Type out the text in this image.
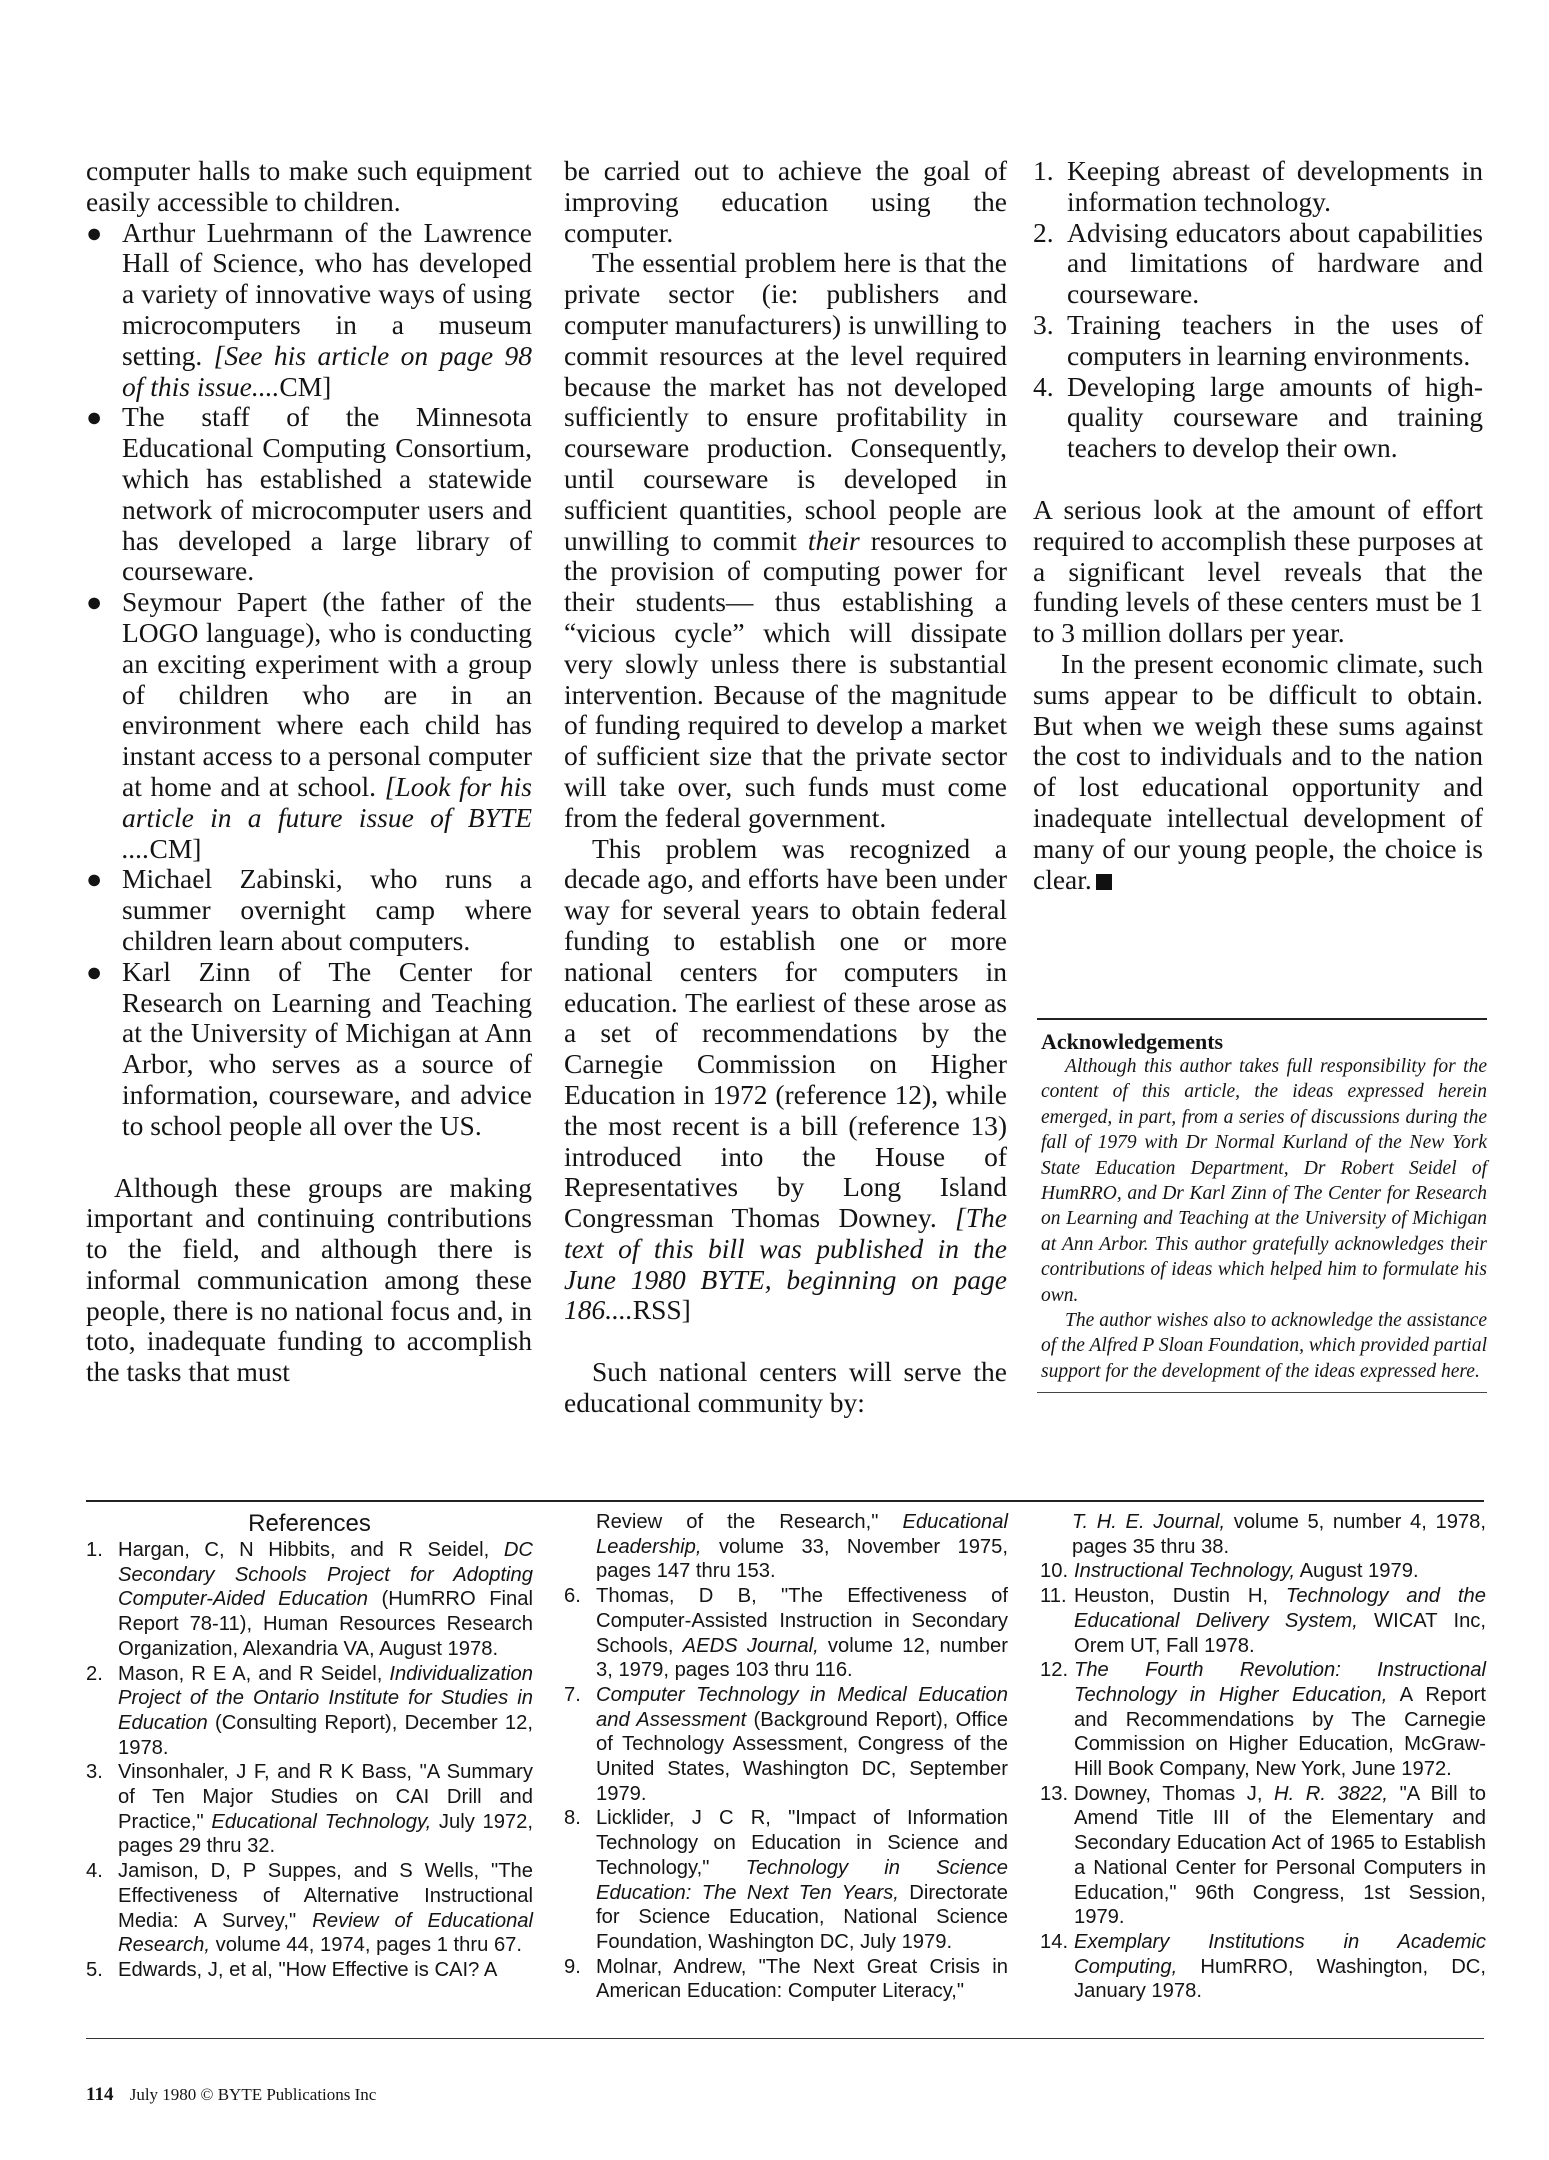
computer halls to make such equipment easily accessible to children.

● Arthur Luehrmann of the Lawrence Hall of Science, who has developed a variety of innovative ways of using microcomputers in a museum setting. [See his article on page 98 of this issue....CM]
● The staff of the Minnesota Educational Computing Consortium, which has established a statewide network of microcomputer users and has developed a large library of courseware.
● Seymour Papert (the father of the LOGO language), who is conducting an exciting experiment with a group of children who are in an environment where each child has instant access to a personal computer at home and at school. [Look for his article in a future issue of BYTE ....CM]
● Michael Zabinski, who runs a summer overnight camp where children learn about computers.
● Karl Zinn of The Center for Research on Learning and Teaching at the University of Michigan at Ann Arbor, who serves as a source of information, courseware, and advice to school people all over the US.

Although these groups are making important and continuing contributions to the field, and although there is informal communication among these people, there is no national focus and, in toto, inadequate funding to accomplish the tasks that must

be carried out to achieve the goal of improving education using the computer.

The essential problem here is that the private sector (ie: publishers and computer manufacturers) is unwilling to commit resources at the level required because the market has not developed sufficiently to ensure profitability in courseware production. Consequently, until courseware is developed in sufficient quantities, school people are unwilling to commit their resources to the provision of computing power for their students— thus establishing a “vicious cycle” which will dissipate very slowly unless there is substantial intervention. Because of the magnitude of funding required to develop a market of sufficient size that the private sector will take over, such funds must come from the federal government.

This problem was recognized a decade ago, and efforts have been under way for several years to obtain federal funding to establish one or more national centers for computers in education. The earliest of these arose as a set of recommendations by the Carnegie Commission on Higher Education in 1972 (reference 12), while the most recent is a bill (reference 13) introduced into the House of Representatives by Long Island Congressman Thomas Downey. [The text of this bill was published in the June 1980 BYTE, beginning on page 186....RSS]

Such national centers will serve the educational community by:

1. Keeping abreast of developments in information technology.
2. Advising educators about capabilities and limitations of hardware and courseware.
3. Training teachers in the uses of computers in learning environments.
4. Developing large amounts of high-quality courseware and training teachers to develop their own.

A serious look at the amount of effort required to accomplish these purposes at a significant level reveals that the funding levels of these centers must be 1 to 3 million dollars per year.

In the present economic climate, such sums appear to be difficult to obtain. But when we weigh these sums against the cost to individuals and to the nation of lost educational opportunity and inadequate intellectual development of many of our young people, the choice is clear.

Acknowledgements

Although this author takes full responsibility for the content of this article, the ideas expressed herein emerged, in part, from a series of discussions during the fall of 1979 with Dr Normal Kurland of the New York State Education Department, Dr Robert Seidel of HumRRO, and Dr Karl Zinn of The Center for Research on Learning and Teaching at the University of Michigan at Ann Arbor. This author gratefully acknowledges their contributions of ideas which helped him to formulate his own.

The author wishes also to acknowledge the assistance of the Alfred P Sloan Foundation, which provided partial support for the development of the ideas expressed here.

References
1. Hargan, C, N Hibbits, and R Seidel, DC Secondary Schools Project for Adopting Computer-Aided Education (HumRRO Final Report 78-11), Human Resources Research Organization, Alexandria VA, August 1978.
2. Mason, R E A, and R Seidel, Individualization Project of the Ontario Institute for Studies in Education (Consulting Report), December 12, 1978.
3. Vinsonhaler, J F, and R K Bass, "A Summary of Ten Major Studies on CAI Drill and Practice," Educational Technology, July 1972, pages 29 thru 32.
4. Jamison, D, P Suppes, and S Wells, "The Effectiveness of Alternative Instructional Media: A Survey," Review of Educational Research, volume 44, 1974, pages 1 thru 67.
5. Edwards, J, et al, "How Effective is CAI? A
Review of the Research," Educational Leadership, volume 33, November 1975, pages 147 thru 153.
6. Thomas, D B, "The Effectiveness of Computer-Assisted Instruction in Secondary Schools, AEDS Journal, volume 12, number 3, 1979, pages 103 thru 116.
7. Computer Technology in Medical Education and Assessment (Background Report), Office of Technology Assessment, Congress of the United States, Washington DC, September 1979.
8. Licklider, J C R, "Impact of Information Technology on Education in Science and Technology," Technology in Science Education: The Next Ten Years, Directorate for Science Education, National Science Foundation, Washington DC, July 1979.
9. Molnar, Andrew, "The Next Great Crisis in American Education: Computer Literacy,"
T. H. E. Journal, volume 5, number 4, 1978, pages 35 thru 38.
10. Instructional Technology, August 1979.
11. Heuston, Dustin H, Technology and the Educational Delivery System, WICAT Inc, Orem UT, Fall 1978.
12. The Fourth Revolution: Instructional Technology in Higher Education, A Report and Recommendations by The Carnegie Commission on Higher Education, McGraw-Hill Book Company, New York, June 1972.
13. Downey, Thomas J, H. R. 3822, "A Bill to Amend Title III of the Elementary and Secondary Education Act of 1965 to Establish a National Center for Personal Computers in Education," 96th Congress, 1st Session, 1979.
14. Exemplary Institutions in Academic Computing, HumRRO, Washington, DC, January 1978.
114 July 1980 © BYTE Publications Inc
